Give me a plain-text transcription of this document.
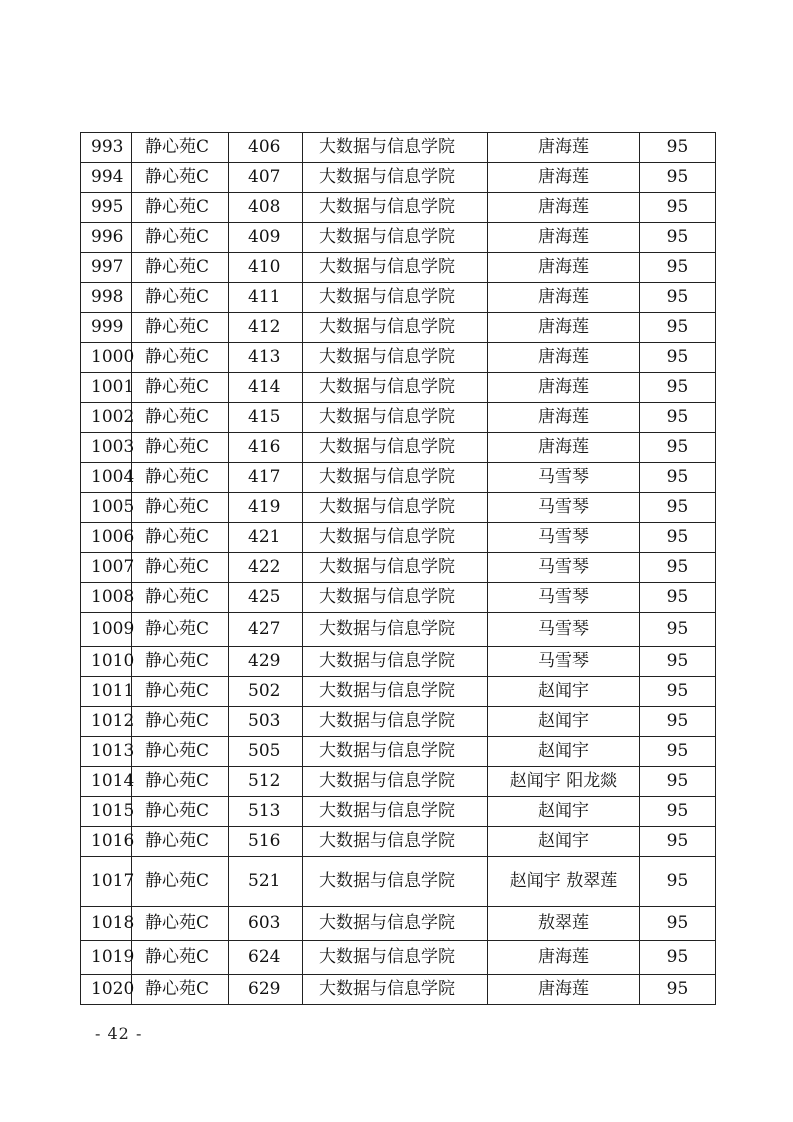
993	静心苑C	406	大数据与信息学院	唐海莲	95
994	静心苑C	407	大数据与信息学院	唐海莲	95
995	静心苑C	408	大数据与信息学院	唐海莲	95
996	静心苑C	409	大数据与信息学院	唐海莲	95
997	静心苑C	410	大数据与信息学院	唐海莲	95
998	静心苑C	411	大数据与信息学院	唐海莲	95
999	静心苑C	412	大数据与信息学院	唐海莲	95
1000	静心苑C	413	大数据与信息学院	唐海莲	95
1001	静心苑C	414	大数据与信息学院	唐海莲	95
1002	静心苑C	415	大数据与信息学院	唐海莲	95
1003	静心苑C	416	大数据与信息学院	唐海莲	95
1004	静心苑C	417	大数据与信息学院	马雪琴	95
1005	静心苑C	419	大数据与信息学院	马雪琴	95
1006	静心苑C	421	大数据与信息学院	马雪琴	95
1007	静心苑C	422	大数据与信息学院	马雪琴	95
1008	静心苑C	425	大数据与信息学院	马雪琴	95
1009	静心苑C	427	大数据与信息学院	马雪琴	95
1010	静心苑C	429	大数据与信息学院	马雪琴	95
1011	静心苑C	502	大数据与信息学院	赵闻宇	95
1012	静心苑C	503	大数据与信息学院	赵闻宇	95
1013	静心苑C	505	大数据与信息学院	赵闻宇	95
1014	静心苑C	512	大数据与信息学院	赵闻宇 阳龙燚	95
1015	静心苑C	513	大数据与信息学院	赵闻宇	95
1016	静心苑C	516	大数据与信息学院	赵闻宇	95
1017	静心苑C	521	大数据与信息学院	赵闻宇 敖翠莲	95
1018	静心苑C	603	大数据与信息学院	敖翠莲	95
1019	静心苑C	624	大数据与信息学院	唐海莲	95
1020	静心苑C	629	大数据与信息学院	唐海莲	95
- 42 -
